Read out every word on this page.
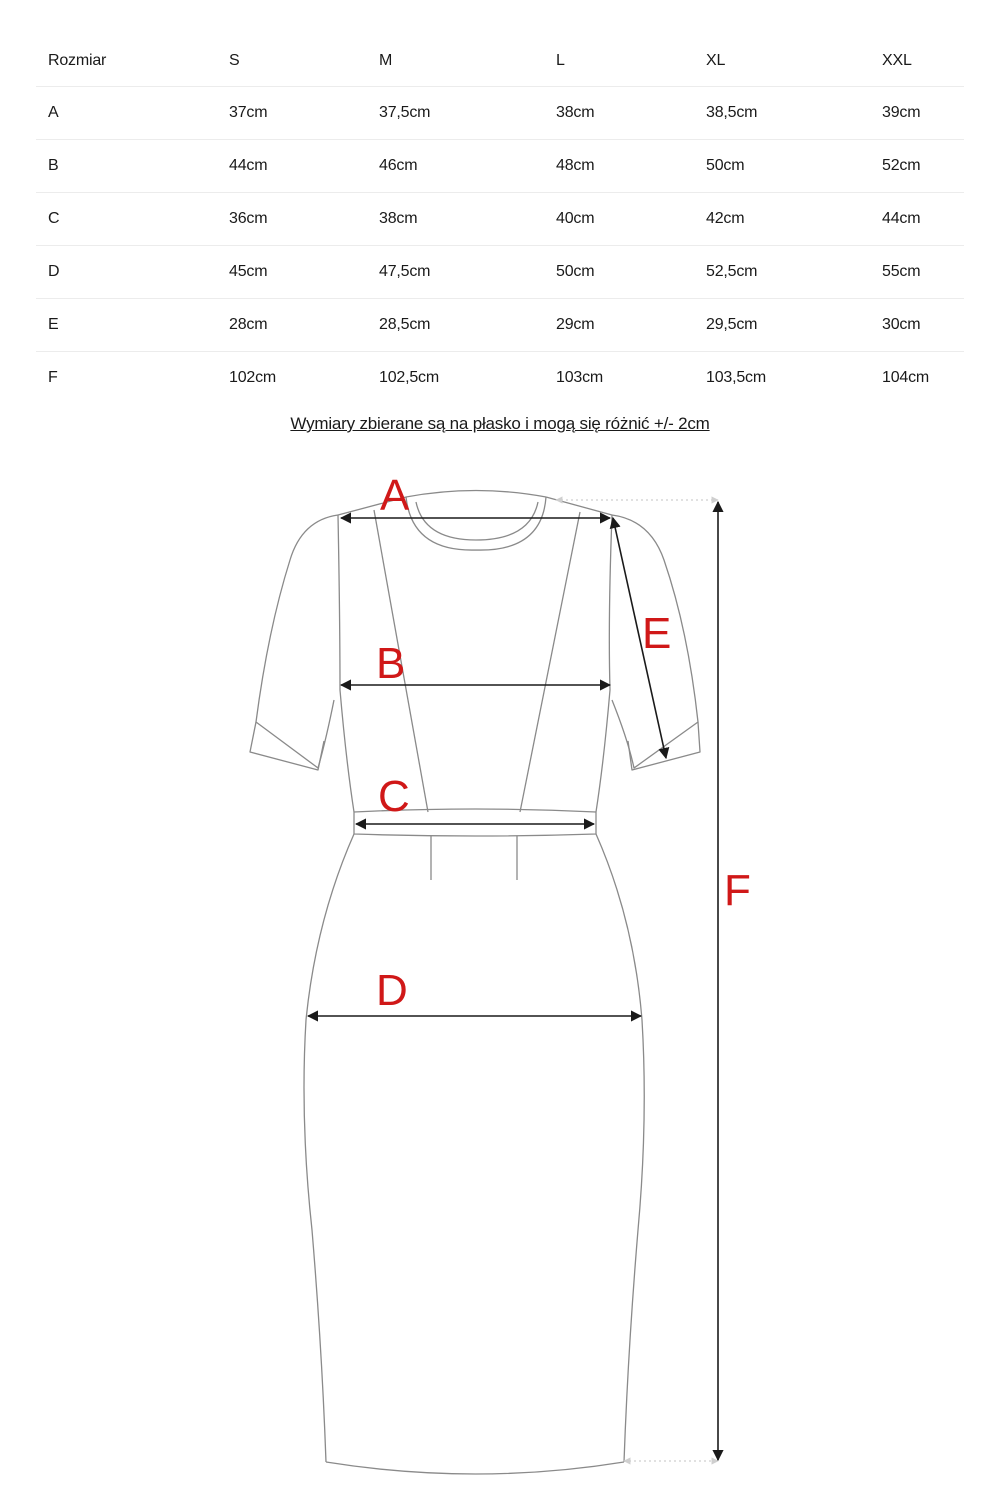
Rozmiar	S	M	L	XL	XXL
A	37cm	37,5cm	38cm	38,5cm	39cm
B	44cm	46cm	48cm	50cm	52cm
C	36cm	38cm	40cm	42cm	44cm
D	45cm	47,5cm	50cm	52,5cm	55cm
E	28cm	28,5cm	29cm	29,5cm	30cm
F	102cm	102,5cm	103cm	103,5cm	104cm
Wymiary zbierane są na płasko i mogą się różnić +/- 2cm
A
B
C
D
E
F
